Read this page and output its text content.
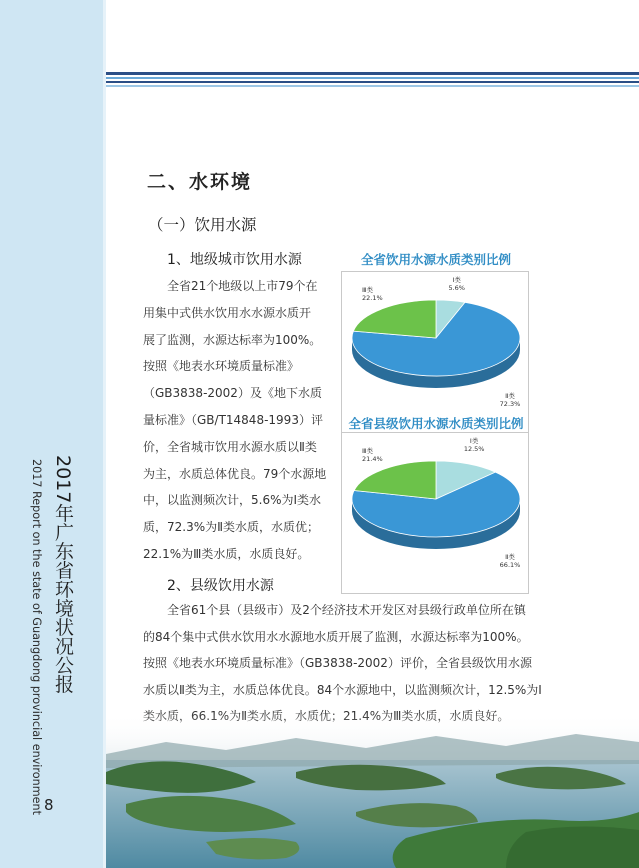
2017年广东省环境状况公报
2017 Report on the state of Guangdong provincial environment 8
二、水环境
（一）饮用水源
1、地级城市饮用水源
2、县级饮用水源
全省21个地级以上市79个在
用集中式供水饮用水水源水质开
展了监测，水源达标率为100%。
按照《地表水环境质量标准》
（GB3838-2002）及《地下水质
量标准》（GB/T14848-1993）评
价，全省城市饮用水源水质以Ⅱ类
为主，水质总体优良。79个水源地
中，以监测频次计，5.6%为Ⅰ类水
质，72.3%为Ⅱ类水质，水质优；
22.1%为Ⅲ类水质，水质良好。
全省饮用水源水质类别比例
Ⅰ类
5.6%
Ⅱ类
72.3%
Ⅲ类
22.1%
全省县级饮用水源水质类别比例
Ⅰ类
12.5%
Ⅱ类
66.1%
Ⅲ类
21.4%
全省61个县（县级市）及2个经济技术开发区对县级行政单位所在镇
的84个集中式供水饮用水水源地水质开展了监测，水源达标率为100%。
按照《地表水环境质量标准》（GB3838-2002）评价，全省县级饮用水源
水质以Ⅱ类为主，水质总体优良。84个水源地中，以监测频次计，12.5%为Ⅰ
